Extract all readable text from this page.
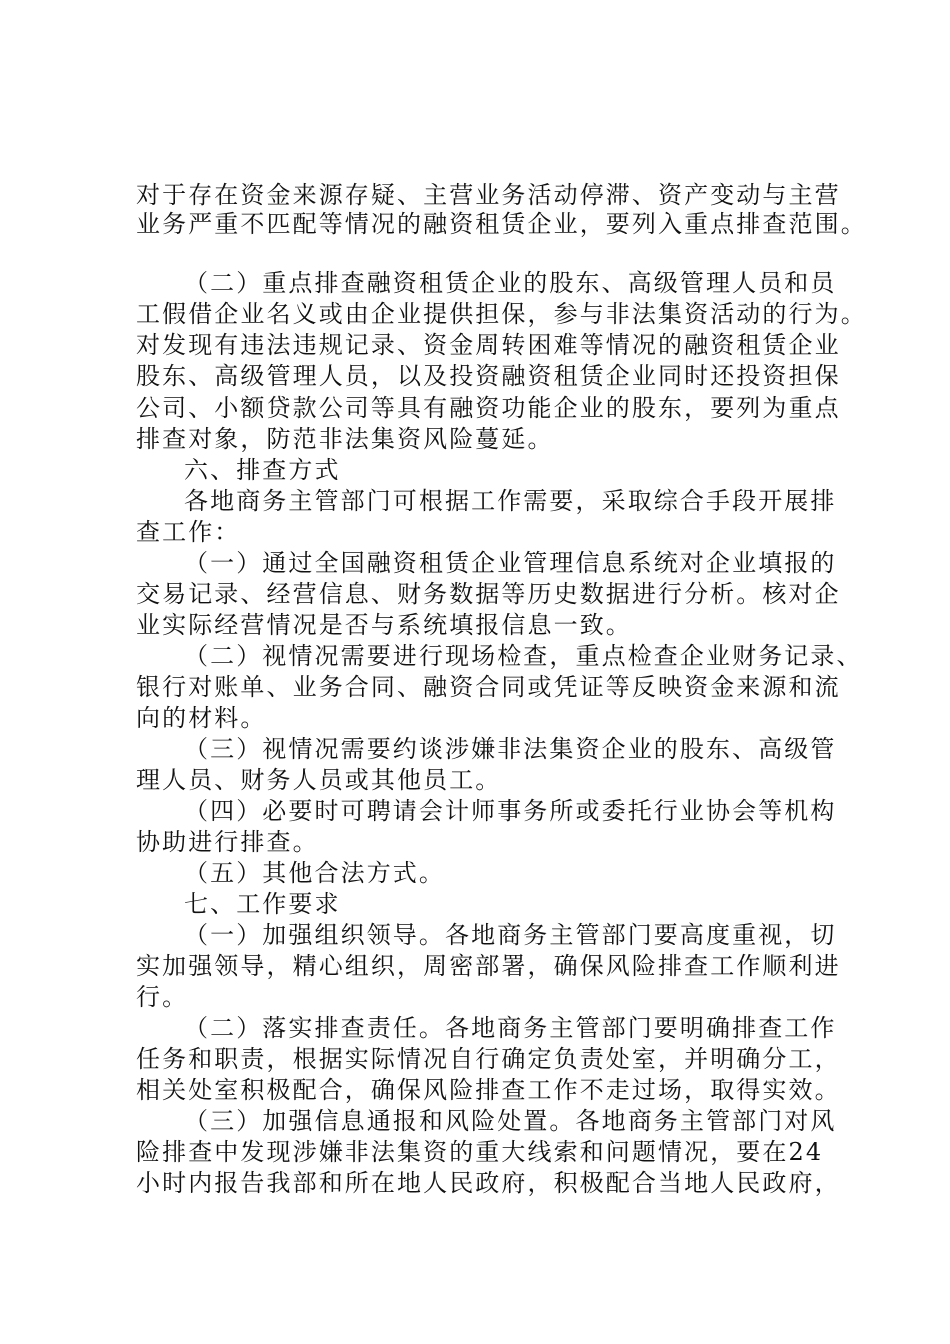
对于存在资金来源存疑、主营业务活动停滞、资产变动与主营
业务严重不匹配等情况的融资租赁企业，要列入重点排查范围。
（二）重点排查融资租赁企业的股东、高级管理人员和员
工假借企业名义或由企业提供担保，参与非法集资活动的行为。
对发现有违法违规记录、资金周转困难等情况的融资租赁企业
股东、高级管理人员，以及投资融资租赁企业同时还投资担保
公司、小额贷款公司等具有融资功能企业的股东，要列为重点
排查对象，防范非法集资风险蔓延。
六、排查方式
各地商务主管部门可根据工作需要，采取综合手段开展排
查工作：
（一）通过全国融资租赁企业管理信息系统对企业填报的
交易记录、经营信息、财务数据等历史数据进行分析。核对企
业实际经营情况是否与系统填报信息一致。
（二）视情况需要进行现场检查，重点检查企业财务记录、
银行对账单、业务合同、融资合同或凭证等反映资金来源和流
向的材料。
（三）视情况需要约谈涉嫌非法集资企业的股东、高级管
理人员、财务人员或其他员工。
（四）必要时可聘请会计师事务所或委托行业协会等机构
协助进行排查。
（五）其他合法方式。
七、工作要求
（一）加强组织领导。各地商务主管部门要高度重视，切
实加强领导，精心组织，周密部署，确保风险排查工作顺利进
行。
（二）落实排查责任。各地商务主管部门要明确排查工作
任务和职责，根据实际情况自行确定负责处室，并明确分工，
相关处室积极配合，确保风险排查工作不走过场，取得实效。
（三）加强信息通报和风险处置。各地商务主管部门对风
险排查中发现涉嫌非法集资的重大线索和问题情况，要在24
小时内报告我部和所在地人民政府，积极配合当地人民政府，
